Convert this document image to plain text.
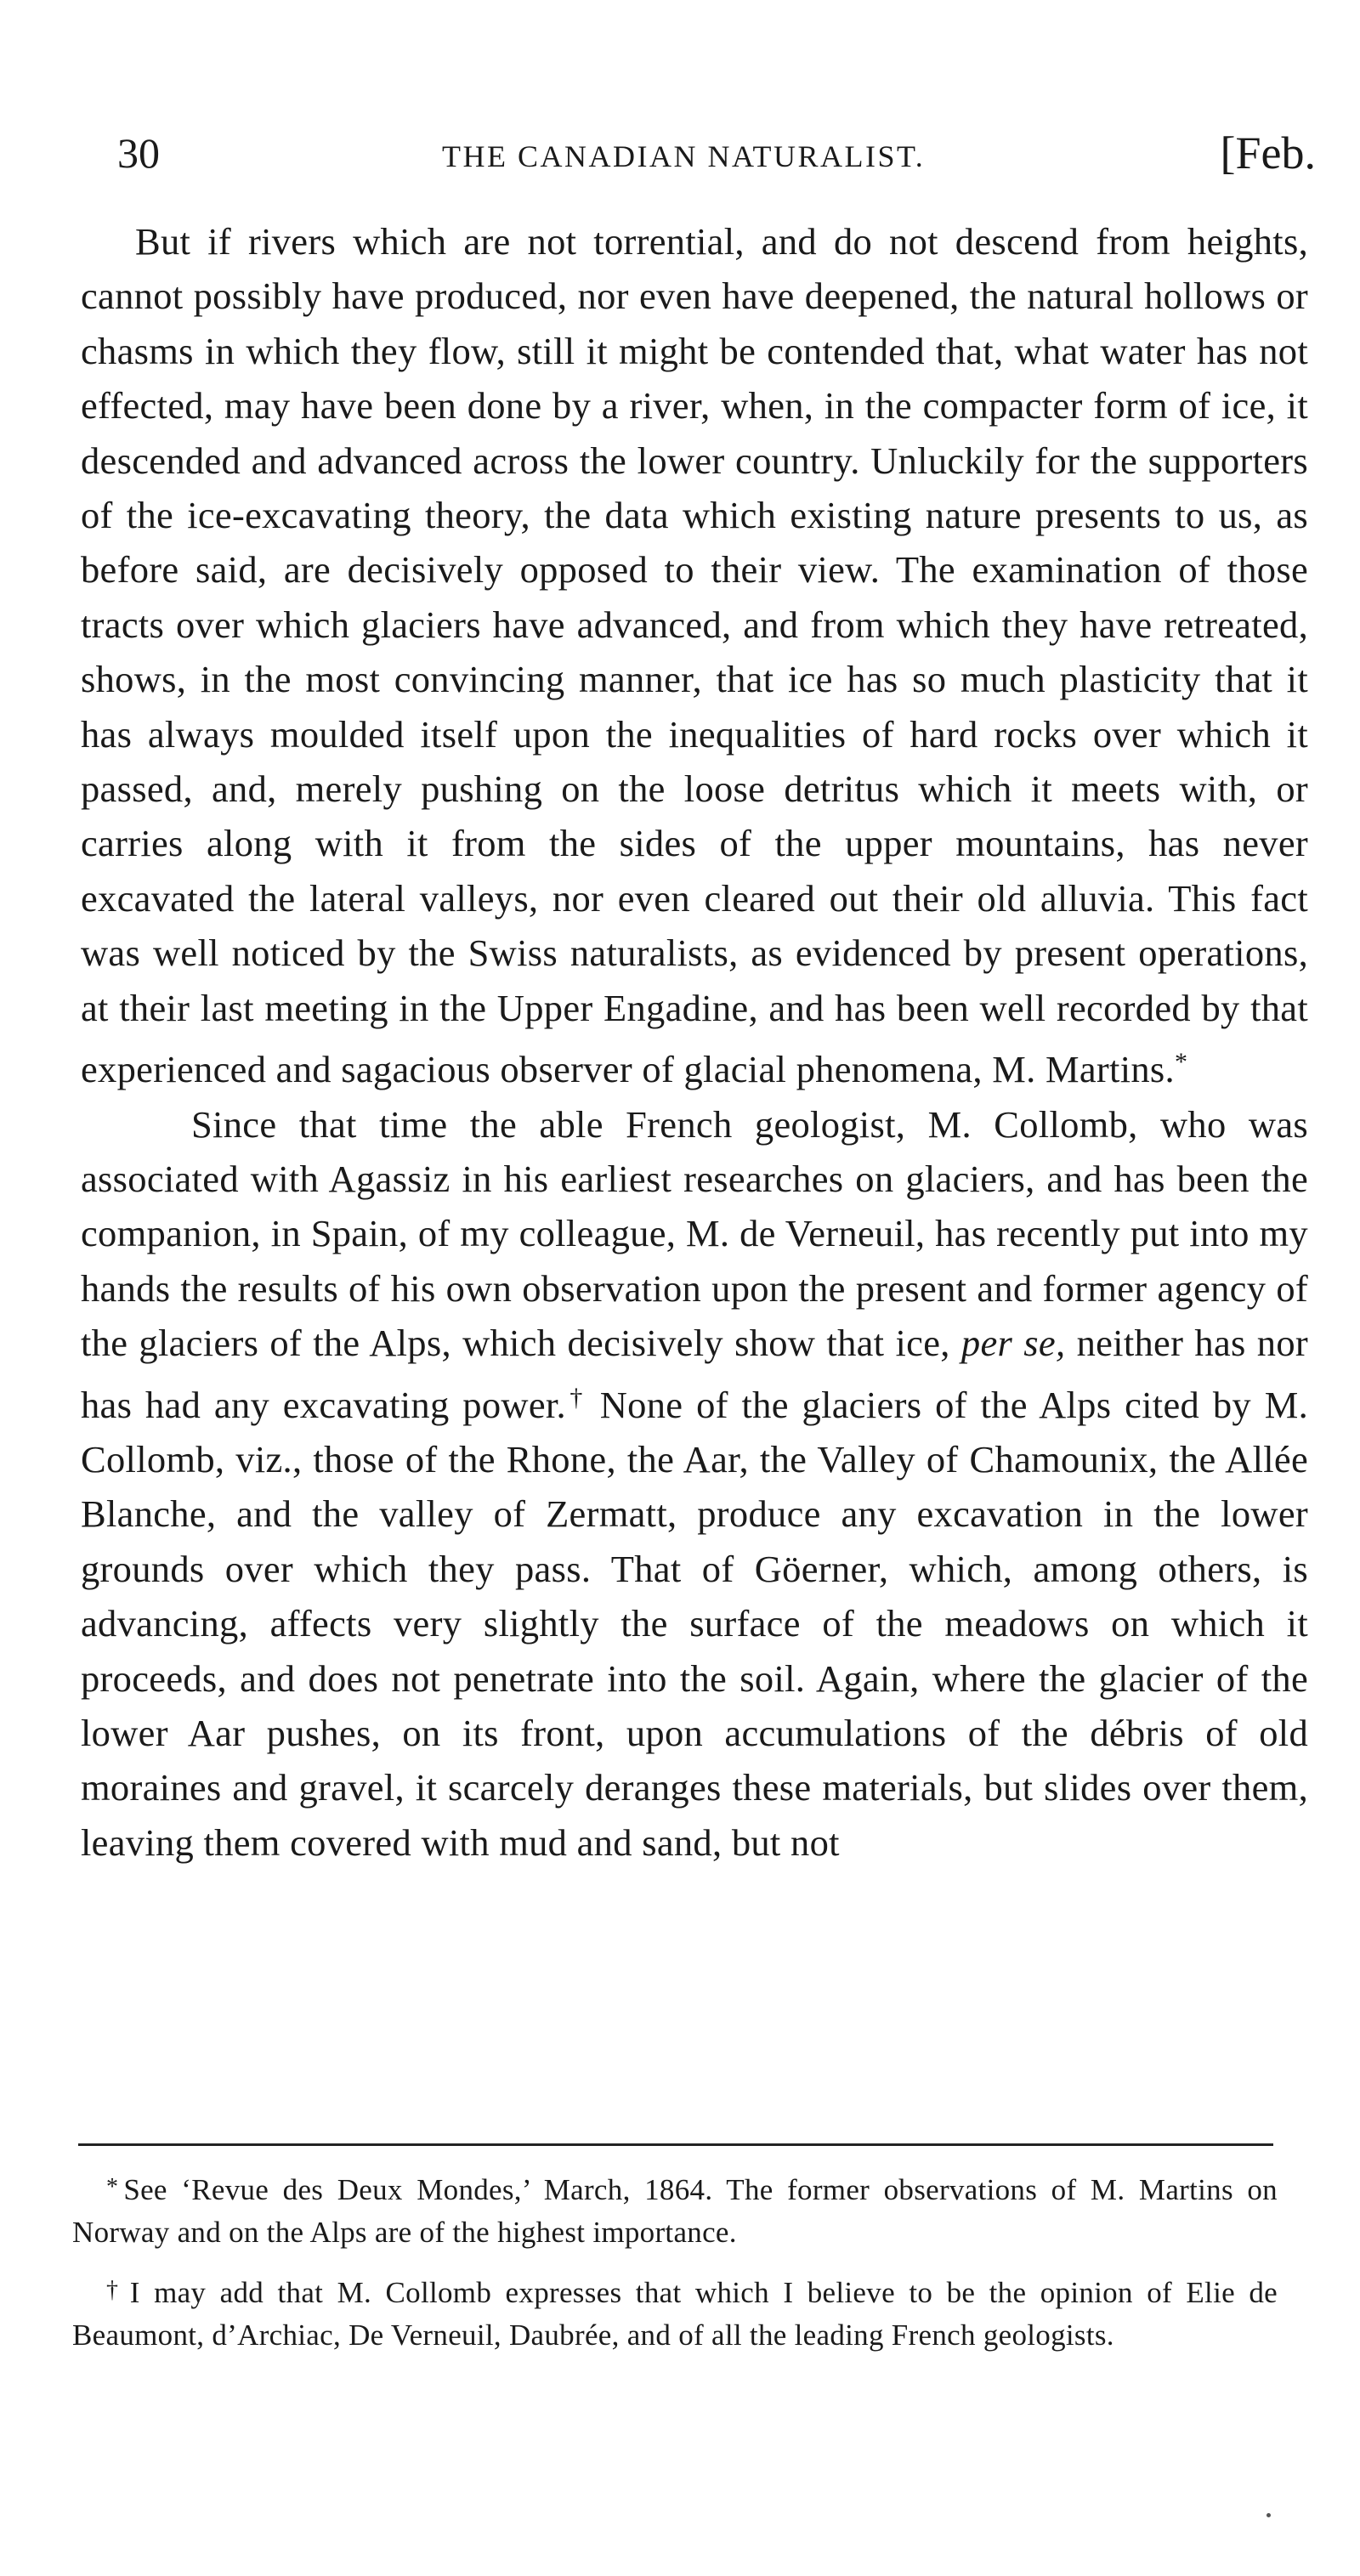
30	THE CANADIAN NATURALIST.	[Feb.

But if rivers which are not torrential, and do not descend from heights, cannot possibly have produced, nor even have deepened, the natural hollows or chasms in which they flow, still it might be contended that, what water has not effected, may have been done by a river, when, in the compacter form of ice, it descended and advanced across the lower country. Unluckily for the supporters of the ice-excavating theory, the data which existing nature presents to us, as before said, are decisively opposed to their view. The examination of those tracts over which glaciers have advanced, and from which they have retreated, shows, in the most convincing manner, that ice has so much plasticity that it has always moulded itself upon the inequalities of hard rocks over which it passed, and, merely pushing on the loose detritus which it meets with, or carries along with it from the sides of the upper mountains, has never excavated the lateral valleys, nor even cleared out their old alluvia. This fact was well noticed by the Swiss naturalists, as evidenced by present operations, at their last meeting in the Upper Engadine, and has been well recorded by that experienced and sagacious observer of glacial phenomena, M. Martins.*

Since that time the able French geologist, M. Collomb, who was associated with Agassiz in his earliest researches on glaciers, and has been the companion, in Spain, of my colleague, M. de Verneuil, has recently put into my hands the results of his own observation upon the present and former agency of the glaciers of the Alps, which decisively show that ice, per se, neither has nor has had any excavating power.† None of the glaciers of the Alps cited by M. Collomb, viz., those of the Rhone, the Aar, the Valley of Chamounix, the Allée Blanche, and the valley of Zermatt, produce any excavation in the lower grounds over which they pass. That of Göerner, which, among others, is advancing, affects very slightly the surface of the meadows on which it proceeds, and does not penetrate into the soil. Again, where the glacier of the lower Aar pushes, on its front, upon accumulations of the débris of old moraines and gravel, it scarcely deranges these materials, but slides over them, leaving them covered with mud and sand, but not

* See ‘Revue des Deux Mondes,’ March, 1864. The former observations of M. Martins on Norway and on the Alps are of the highest importance.

† I may add that M. Collomb expresses that which I believe to be the opinion of Elie de Beaumont, d’Archiac, De Verneuil, Daubrée, and of all the leading French geologists.
